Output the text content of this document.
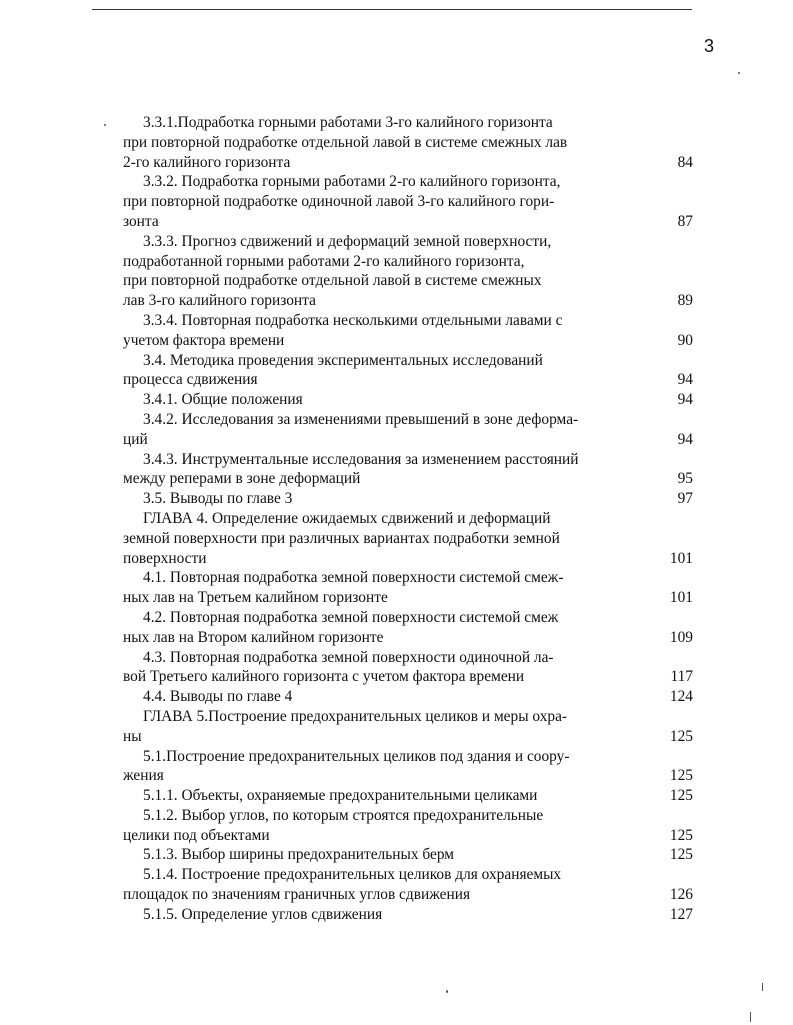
3
3.3.1.Подработка горными работами 3-го калийного горизонта
при повторной подработке отдельной лавой в системе смежных лав
2-го калийного горизонта	84
3.3.2. Подработка горными работами 2-го калийного горизонта,
при повторной подработке одиночной лавой 3-го калийного гори-
зонта	87
3.3.3. Прогноз сдвижений и деформаций земной поверхности,
подработанной горными работами 2-го калийного горизонта,
при повторной подработке отдельной лавой в системе смежных
лав 3-го калийного горизонта	89
3.3.4. Повторная подработка несколькими отдельными лавами с
учетом фактора времени	90
3.4. Методика проведения экспериментальных исследований
процесса сдвижения	94
3.4.1. Общие положения	94
3.4.2. Исследования за изменениями превышений в зоне деформа-
ций	94
3.4.3. Инструментальные исследования за изменением расстояний
между реперами в зоне деформаций	95
3.5. Выводы по главе 3	97
ГЛАВА 4. Определение ожидаемых сдвижений и деформаций
земной поверхности при различных вариантах подработки земной
поверхности	101
4.1. Повторная подработка земной поверхности системой смеж-
ных лав на Третьем калийном горизонте	101
4.2. Повторная подработка земной поверхности системой смеж
ных лав на Втором калийном горизонте	109
4.3. Повторная подработка земной поверхности одиночной ла-
вой Третьего калийного горизонта с учетом фактора времени	117
4.4. Выводы по главе 4	124
ГЛАВА 5.Построение предохранительных целиков и меры охра-
ны	125
5.1.Построение предохранительных целиков под здания и соору-
жения	125
5.1.1. Объекты, охраняемые предохранительными целиками	125
5.1.2. Выбор углов, по которым строятся предохранительные
целики под объектами	125
5.1.3. Выбор ширины предохранительных берм	125
5.1.4. Построение предохранительных целиков для охраняемых
площадок по значениям граничных углов сдвижения	126
5.1.5. Определение углов сдвижения	127
